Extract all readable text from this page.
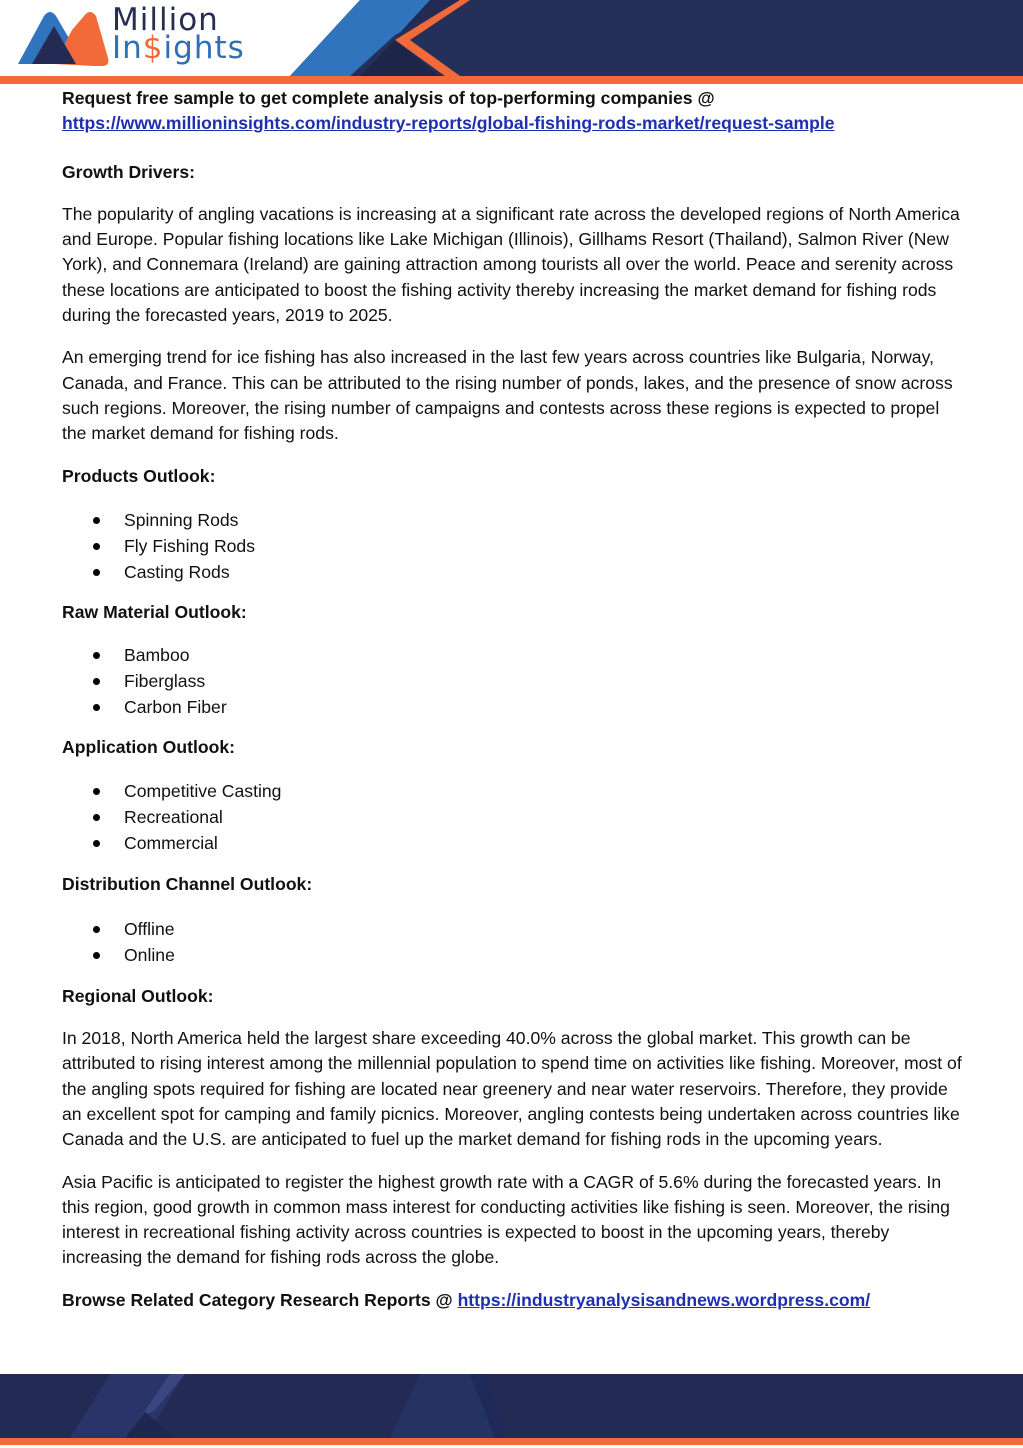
Million
In$ights

Request free sample to get complete analysis of top-performing companies @

https://www.millioninsights.com/industry-reports/global-fishing-rods-market/request-sample

Growth Drivers:

The popularity of angling vacations is increasing at a significant rate across the developed regions of North America and Europe. Popular fishing locations like Lake Michigan (Illinois), Gillhams Resort (Thailand), Salmon River (New York), and Connemara (Ireland) are gaining attraction among tourists all over the world. Peace and serenity across these locations are anticipated to boost the fishing activity thereby increasing the market demand for fishing rods during the forecasted years, 2019 to 2025.

An emerging trend for ice fishing has also increased in the last few years across countries like Bulgaria, Norway, Canada, and France. This can be attributed to the rising number of ponds, lakes, and the presence of snow across such regions. Moreover, the rising number of campaigns and contests across these regions is expected to propel the market demand for fishing rods.

Products Outlook:

Spinning Rods
Fly Fishing Rods
Casting Rods

Raw Material Outlook:

Bamboo
Fiberglass
Carbon Fiber

Application Outlook:

Competitive Casting
Recreational
Commercial

Distribution Channel Outlook:

Offline
Online

Regional Outlook:

In 2018, North America held the largest share exceeding 40.0% across the global market. This growth can be attributed to rising interest among the millennial population to spend time on activities like fishing. Moreover, most of the angling spots required for fishing are located near greenery and near water reservoirs. Therefore, they provide an excellent spot for camping and family picnics. Moreover, angling contests being undertaken across countries like Canada and the U.S. are anticipated to fuel up the market demand for fishing rods in the upcoming years.

Asia Pacific is anticipated to register the highest growth rate with a CAGR of 5.6% during the forecasted years. In this region, good growth in common mass interest for conducting activities like fishing is seen. Moreover, the rising interest in recreational fishing activity across countries is expected to boost in the upcoming years, thereby increasing the demand for fishing rods across the globe.

Browse Related Category Research Reports @ https://industryanalysisandnews.wordpress.com/
